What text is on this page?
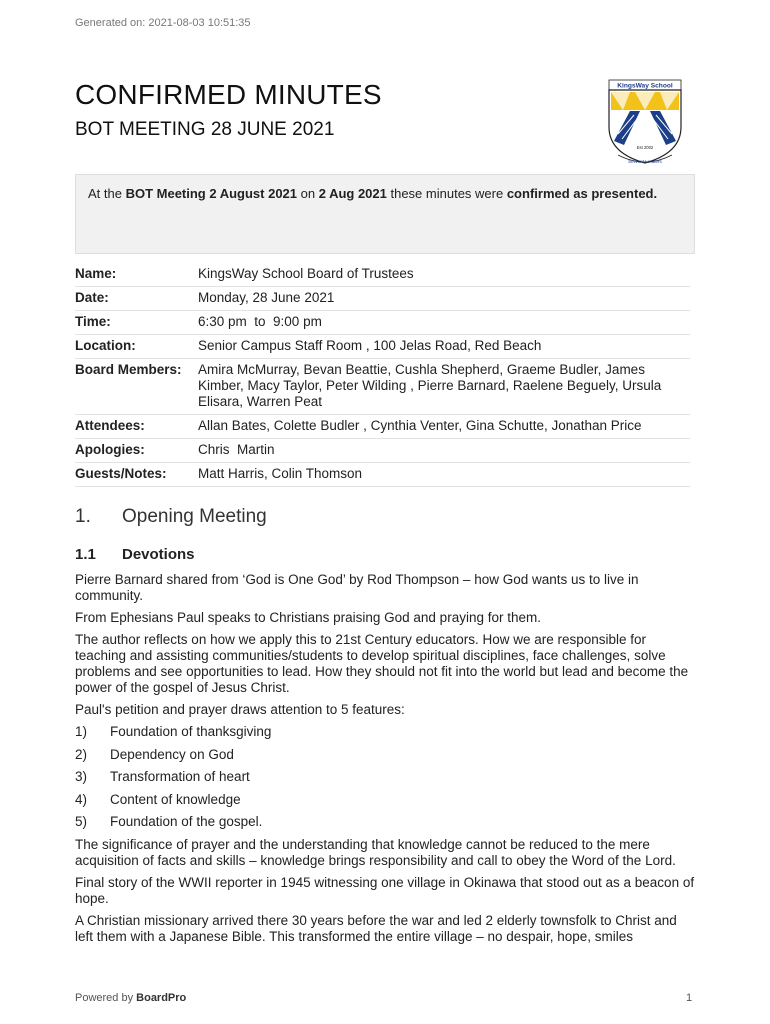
Generated on: 2021-08-03 10:51:35
CONFIRMED MINUTES
BOT MEETING 28 JUNE 2021
KingsWay School
Est 2002
Servant Leaders
At the BOT Meeting 2 August 2021 on 2 Aug 2021 these minutes were confirmed as presented.
Name:	KingsWay School Board of Trustees
Date:	Monday, 28 June 2021
Time:	6:30 pm  to  9:00 pm
Location:	Senior Campus Staff Room , 100 Jelas Road, Red Beach
Board Members:	Amira McMurray, Bevan Beattie, Cushla Shepherd, Graeme Budler, James Kimber, Macy Taylor, Peter Wilding , Pierre Barnard, Raelene Beguely, Ursula Elisara, Warren Peat
Attendees:	Allan Bates, Colette Budler , Cynthia Venter, Gina Schutte, Jonathan Price
Apologies:	Chris  Martin
Guests/Notes:	Matt Harris, Colin Thomson
1. Opening Meeting
1.1 Devotions

Pierre Barnard shared from ‘God is One God’ by Rod Thompson – how God wants us to live in community.

From Ephesians Paul speaks to Christians praising God and praying for them.

The author reflects on how we apply this to 21st Century educators. How we are responsible for teaching and assisting communities/students to develop spiritual disciplines, face challenges, solve problems and see opportunities to lead. How they should not fit into the world but lead and become the power of the gospel of Jesus Christ.

Paul's petition and prayer draws attention to 5 features:

1) Foundation of thanksgiving
2) Dependency on God
3) Transformation of heart
4) Content of knowledge
5) Foundation of the gospel.

The significance of prayer and the understanding that knowledge cannot be reduced to the mere acquisition of facts and skills – knowledge brings responsibility and call to obey the Word of the Lord.

Final story of the WWII reporter in 1945 witnessing one village in Okinawa that stood out as a beacon of hope.

A Christian missionary arrived there 30 years before the war and led 2 elderly townsfolk to Christ and left them with a Japanese Bible. This transformed the entire village – no despair, hope, smiles

Powered by BoardPro	1
